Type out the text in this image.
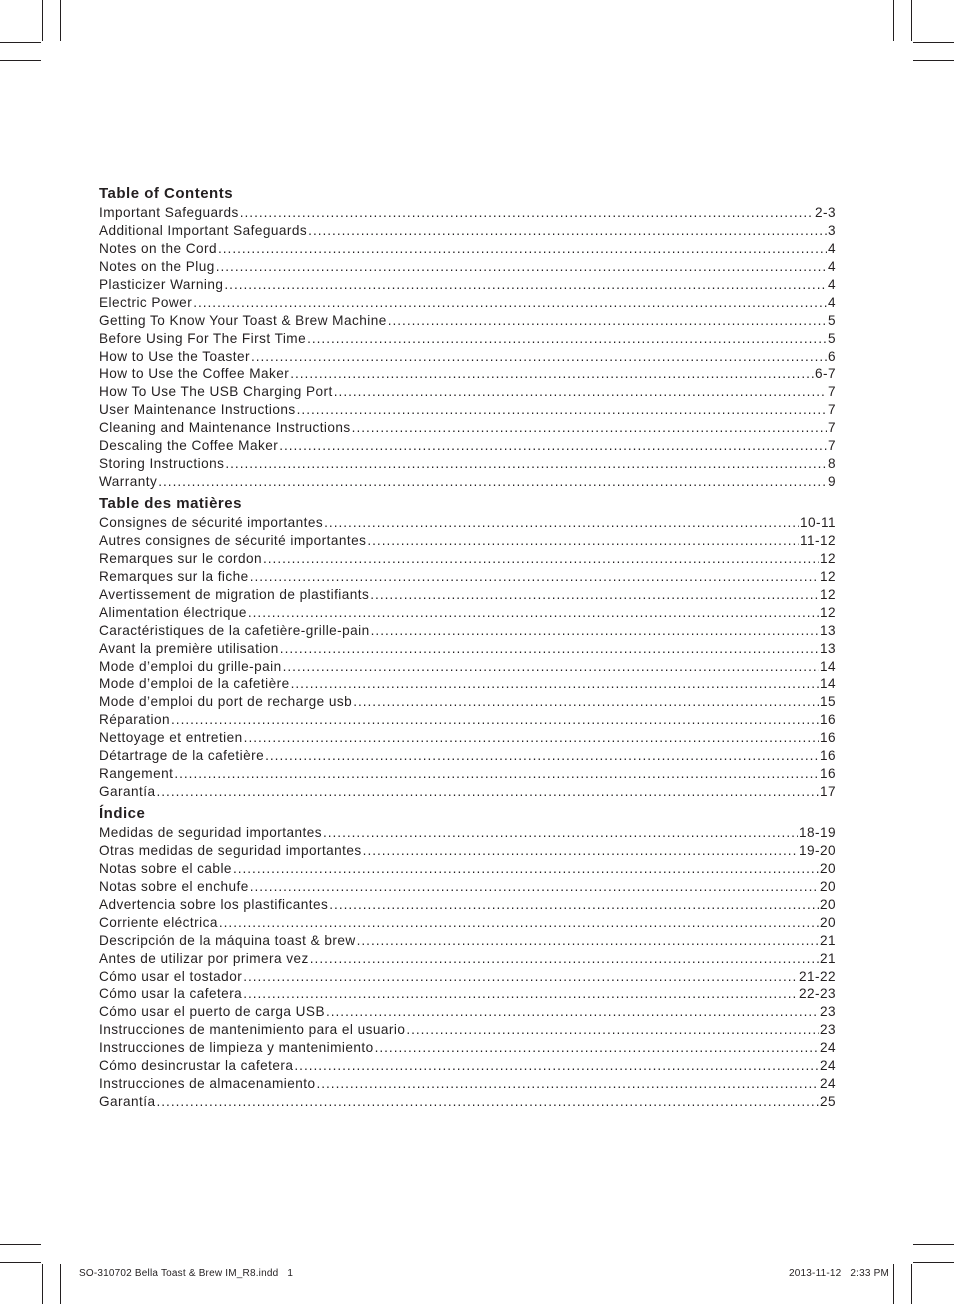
Table of Contents
Important Safeguards .....	2-3
Additional Important Safeguards .....	3
Notes on the Cord .....	4
Notes on the Plug .....	4
Plasticizer Warning .....	4
Electric Power .....	4
Getting To Know Your Toast & Brew Machine .....	5
Before Using For The First Time .....	5
How to Use the Toaster .....	6
How to Use the Coffee Maker .....	6-7
How To Use The USB Charging Port .....	7
User Maintenance Instructions .....	7
Cleaning and Maintenance Instructions .....	7
Descaling the Coffee Maker .....	7
Storing Instructions .....	8
Warranty .....	9
Table des matières
Consignes de sécurité importantes .....	10-11
Autres consignes de sécurité importantes .....	11-12
Remarques sur le cordon .....	12
Remarques sur la fiche .....	12
Avertissement de migration de plastifiants .....	12
Alimentation électrique .....	12
Caractéristiques de la cafetière-grille-pain .....	13
Avant la première utilisation .....	13
Mode d’emploi du grille-pain .....	14
Mode d’emploi de la cafetière .....	14
Mode d’emploi du port de recharge usb .....	15
Réparation .....	16
Nettoyage et entretien .....	16
Détartrage de la cafetière .....	16
Rangement .....	16
Garantía .....	17
Índice
Medidas de seguridad importantes .....	18-19
Otras medidas de seguridad importantes .....	19-20
Notas sobre el cable .....	20
Notas sobre el enchufe .....	20
Advertencia sobre los plastificantes .....	20
Corriente eléctrica .....	20
Descripción de la máquina toast & brew .....	21
Antes de utilizar por primera vez .....	21
Cómo usar el tostador .....	21-22
Cómo usar la cafetera .....	22-23
Cómo usar el puerto de carga USB .....	23
Instrucciones de mantenimiento para el usuario .....	23
Instrucciones de limpieza y mantenimiento .....	24
Cómo desincrustar la cafetera .....	24
Instrucciones de almacenamiento .....	24
Garantía .....	25
SO-310702 Bella Toast & Brew IM_R8.indd   1	2013-11-12   2:33 PM
